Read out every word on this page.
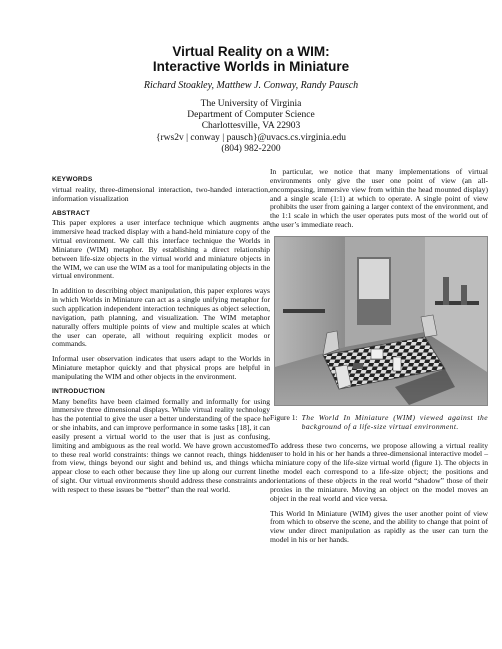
Virtual Reality on a WIM:
Interactive Worlds in Miniature
Richard Stoakley, Matthew J. Conway, Randy Pausch
The University of Virginia
Department of Computer Science
Charlottesville, VA 22903
{rws2v | conway | pausch}@uvacs.cs.virginia.edu
(804) 982-2200
KEYWORDS

virtual reality, three-dimensional interaction, two-handed interaction, information visualization

ABSTRACT

This paper explores a user interface technique which augments an immersive head tracked display with a hand-held miniature copy of the virtual environment. We call this interface technique the Worlds in Miniature (WIM) metaphor. By establishing a direct relationship between life-size objects in the virtual world and miniature objects in the WIM, we can use the WIM as a tool for manipulating objects in the virtual environment.

In addition to describing object manipulation, this paper explores ways in which Worlds in Miniature can act as a single unifying metaphor for such application independent interaction techniques as object selection, navigation, path planning, and visualization. The WIM metaphor naturally offers multiple points of view and multiple scales at which the user can operate, all without requiring explicit modes or commands.

Informal user observation indicates that users adapt to the Worlds in Miniature metaphor quickly and that physical props are helpful in manipulating the WIM and other objects in the environment.

INTRODUCTION

Many benefits have been claimed formally and informally for using immersive three dimensional displays. While virtual reality technology has the potential to give the user a better understanding of the space he or she inhabits, and can improve performance in some tasks [18], it can easily present a virtual world to the user that is just as confusing, limiting and ambiguous as the real world. We have grown accustomed to these real world constraints: things we cannot reach, things hidden from view, things beyond our sight and behind us, and things which appear close to each other because they line up along our current line of sight. Our virtual environments should address these constraints and with respect to these issues be “better” than the real world.

In particular, we notice that many implementations of virtual environments only give the user one point of view (an all-encompassing, immersive view from within the head mounted display) and a single scale (1:1) at which to operate. A single point of view prohibits the user from gaining a larger context of the environment, and the 1:1 scale in which the user operates puts most of the world out of the user’s immediate reach.

Figure 1: The World In Miniature (WIM) viewed against the background of a life-size virtual environment.

To address these two concerns, we propose allowing a virtual reality user to hold in his or her hands a three-dimensional interactive model – a miniature copy of the life-size virtual world (figure 1). The objects in the model each correspond to a life-size object; the positions and orientations of these objects in the real world “shadow” those of their proxies in the miniature. Moving an object on the model moves an object in the real world and vice versa.

This World In Miniature (WIM) gives the user another point of view from which to observe the scene, and the ability to change that point of view under direct manipulation as rapidly as the user can turn the model in his or her hands.
